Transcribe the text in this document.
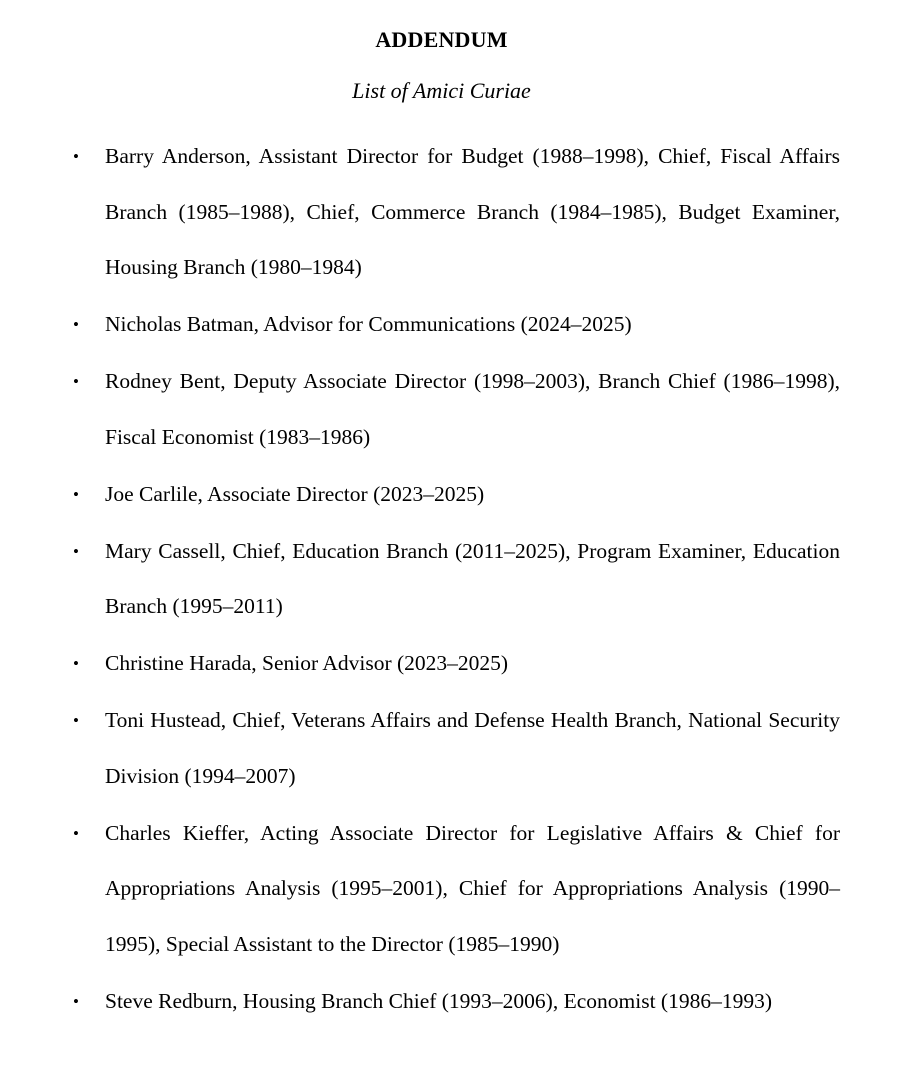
ADDENDUM
List of Amici Curiae
•	Barry Anderson, Assistant Director for Budget (1988–1998), Chief, Fiscal Affairs Branch (1985–1988), Chief, Commerce Branch (1984–1985), Budget Examiner, Housing Branch (1980–1984)
•	Nicholas Batman, Advisor for Communications (2024–2025)
•	Rodney Bent, Deputy Associate Director (1998–2003), Branch Chief (1986–1998), Fiscal Economist (1983–1986)
•	Joe Carlile, Associate Director (2023–2025)
•	Mary Cassell, Chief, Education Branch (2011–2025), Program Examiner, Education Branch (1995–2011)
•	Christine Harada, Senior Advisor (2023–2025)
•	Toni Hustead, Chief, Veterans Affairs and Defense Health Branch, National Security Division (1994–2007)
•	Charles Kieffer, Acting Associate Director for Legislative Affairs & Chief for Appropriations Analysis (1995–2001), Chief for Appropriations Analysis (1990–1995), Special Assistant to the Director (1985–1990)
•	Steve Redburn, Housing Branch Chief (1993–2006), Economist (1986–1993)
